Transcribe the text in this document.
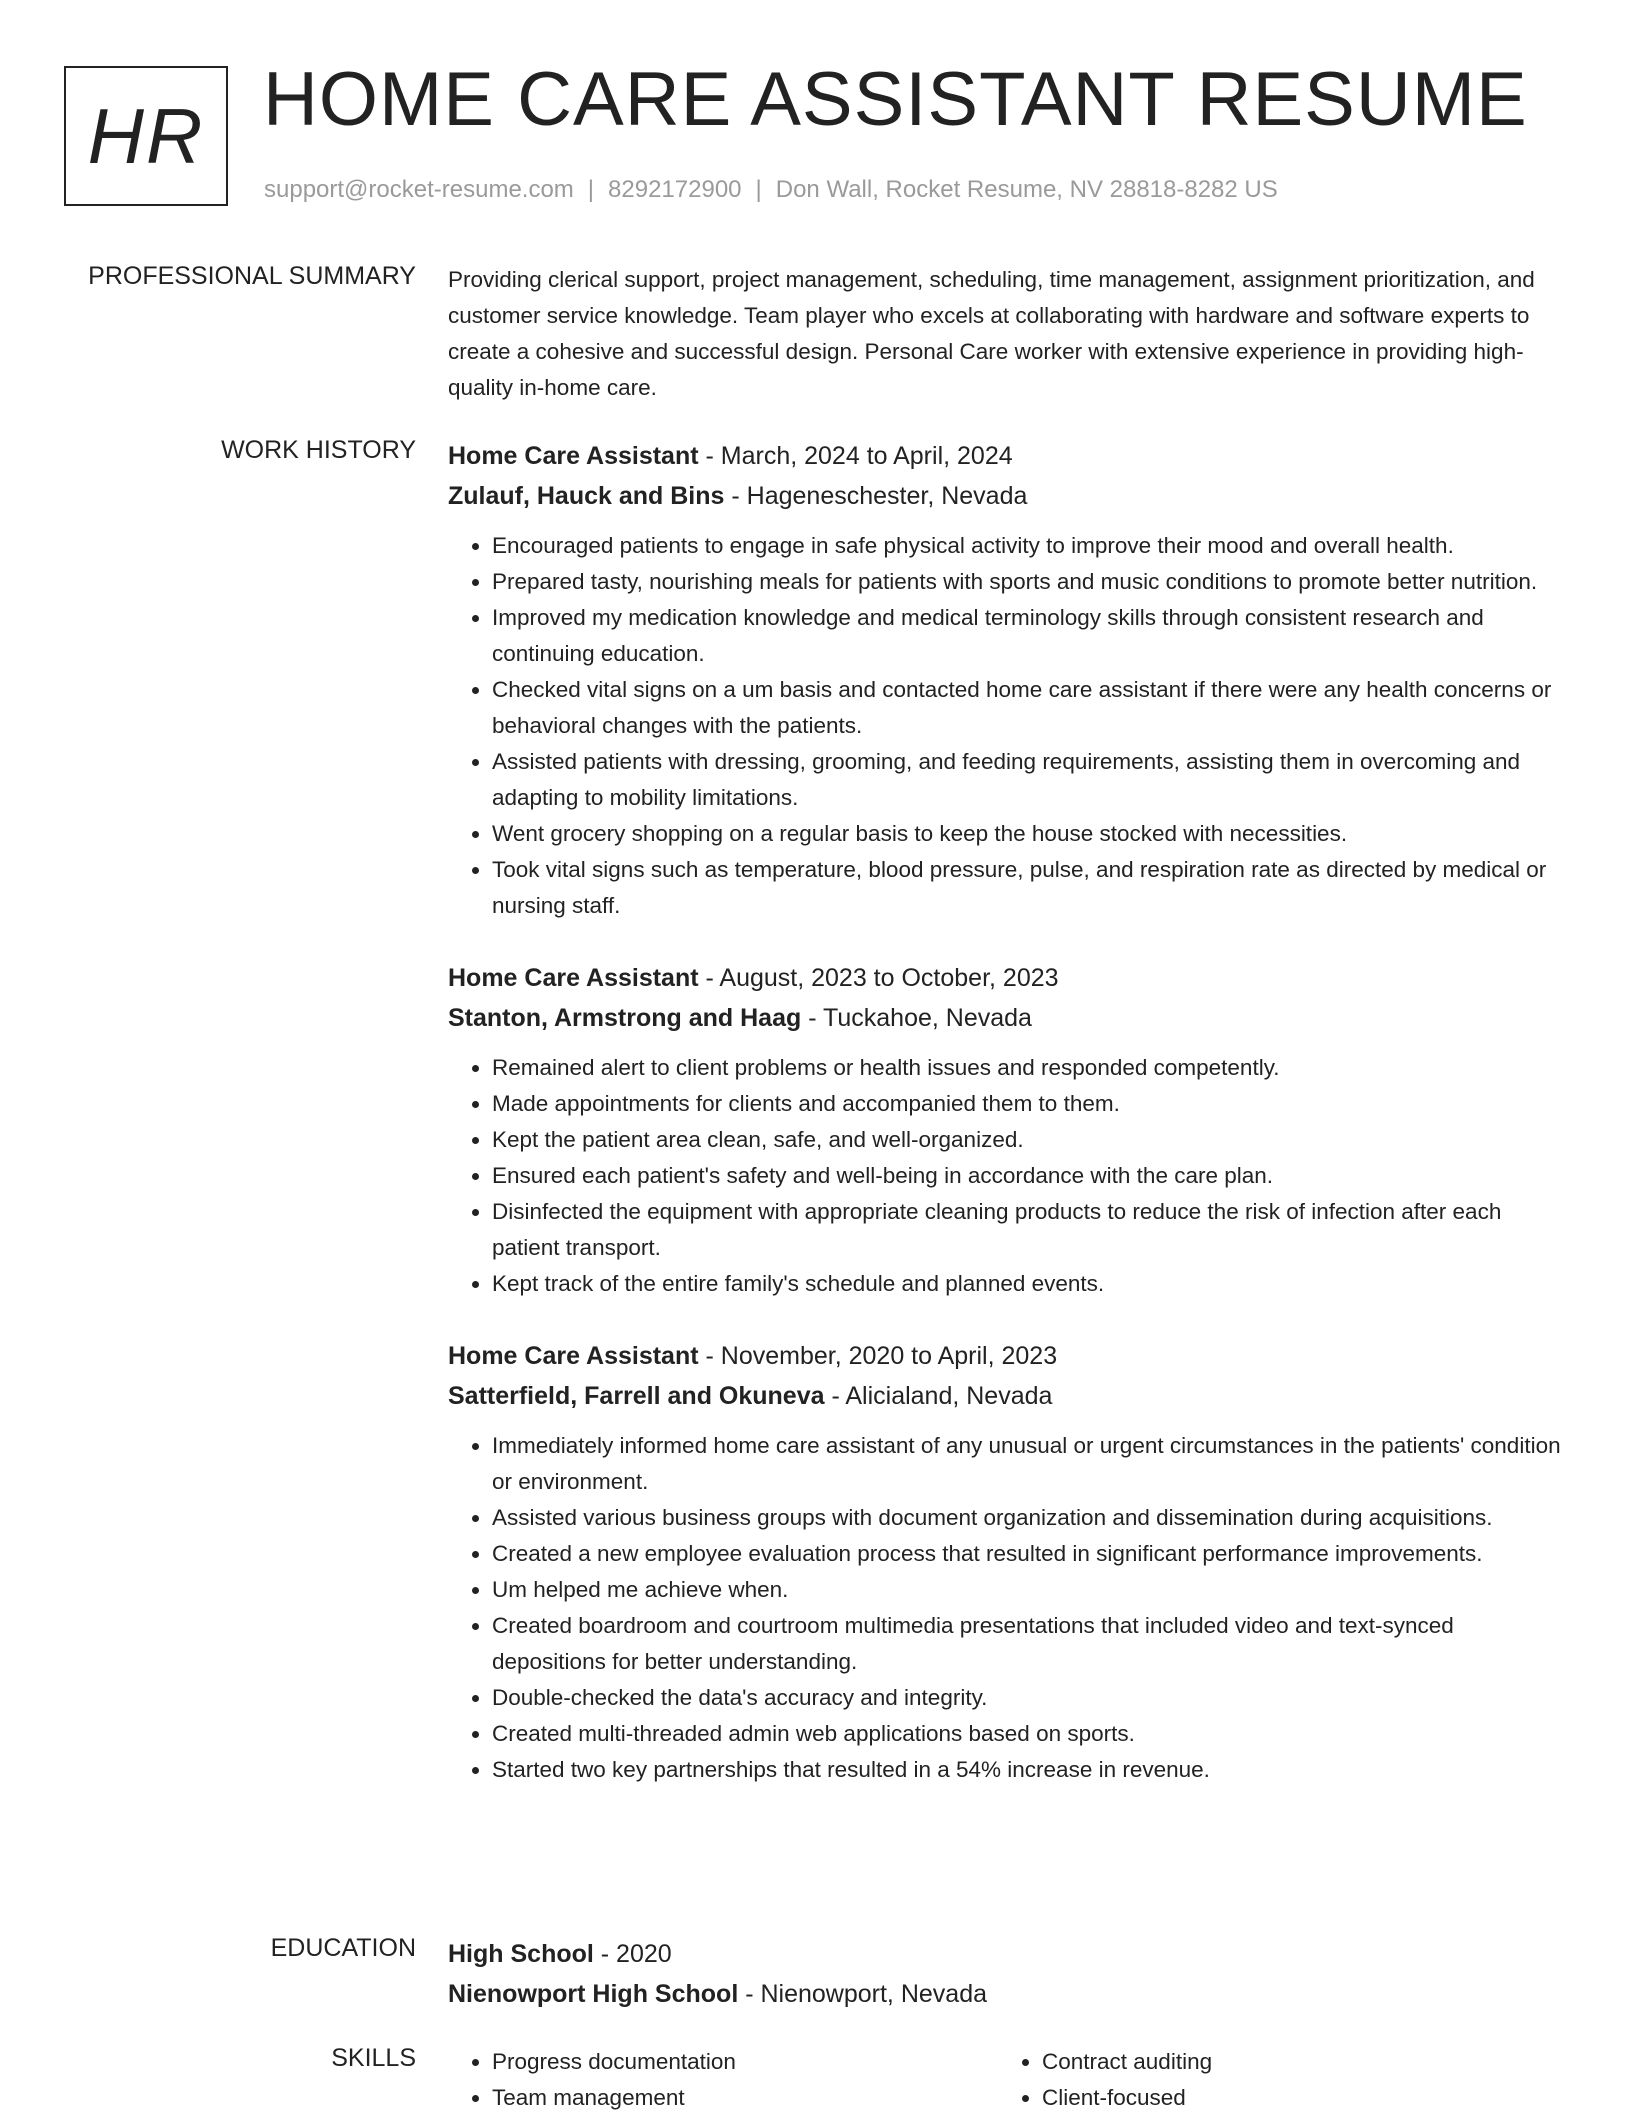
HR HOME CARE ASSISTANT RESUME
support@rocket-resume.com | 8292172900 | Don Wall, Rocket Resume, NV 28818-8282 US
PROFESSIONAL SUMMARY Providing clerical support, project management, scheduling, time management, assignment prioritization, and customer service knowledge. Team player who excels at collaborating with hardware and software experts to create a cohesive and successful design. Personal Care worker with extensive experience in providing high-quality in-home care.

WORK HISTORY Home Care Assistant - March, 2024 to April, 2024
Zulauf, Hauck and Bins - Hageneschester, Nevada
• Encouraged patients to engage in safe physical activity to improve their mood and overall health.
• Prepared tasty, nourishing meals for patients with sports and music conditions to promote better nutrition.
• Improved my medication knowledge and medical terminology skills through consistent research and continuing education.
• Checked vital signs on a um basis and contacted home care assistant if there were any health concerns or behavioral changes with the patients.
• Assisted patients with dressing, grooming, and feeding requirements, assisting them in overcoming and adapting to mobility limitations.
• Went grocery shopping on a regular basis to keep the house stocked with necessities.
• Took vital signs such as temperature, blood pressure, pulse, and respiration rate as directed by medical or nursing staff.
Home Care Assistant - August, 2023 to October, 2023
Stanton, Armstrong and Haag - Tuckahoe, Nevada
• Remained alert to client problems or health issues and responded competently.
• Made appointments for clients and accompanied them to them.
• Kept the patient area clean, safe, and well-organized.
• Ensured each patient's safety and well-being in accordance with the care plan.
• Disinfected the equipment with appropriate cleaning products to reduce the risk of infection after each patient transport.
• Kept track of the entire family's schedule and planned events.
Home Care Assistant - November, 2020 to April, 2023
Satterfield, Farrell and Okuneva - Alicialand, Nevada
• Immediately informed home care assistant of any unusual or urgent circumstances in the patients' condition or environment.
• Assisted various business groups with document organization and dissemination during acquisitions.
• Created a new employee evaluation process that resulted in significant performance improvements.
• Um helped me achieve when.
• Created boardroom and courtroom multimedia presentations that included video and text-synced depositions for better understanding.
• Double-checked the data's accuracy and integrity.
• Created multi-threaded admin web applications based on sports.
• Started two key partnerships that resulted in a 54% increase in revenue.
EDUCATION High School - 2020
Nienowport High School - Nienowport, Nevada
SKILLS
•	Progress documentation
• Team management
• Contract auditing
• Client-focused
